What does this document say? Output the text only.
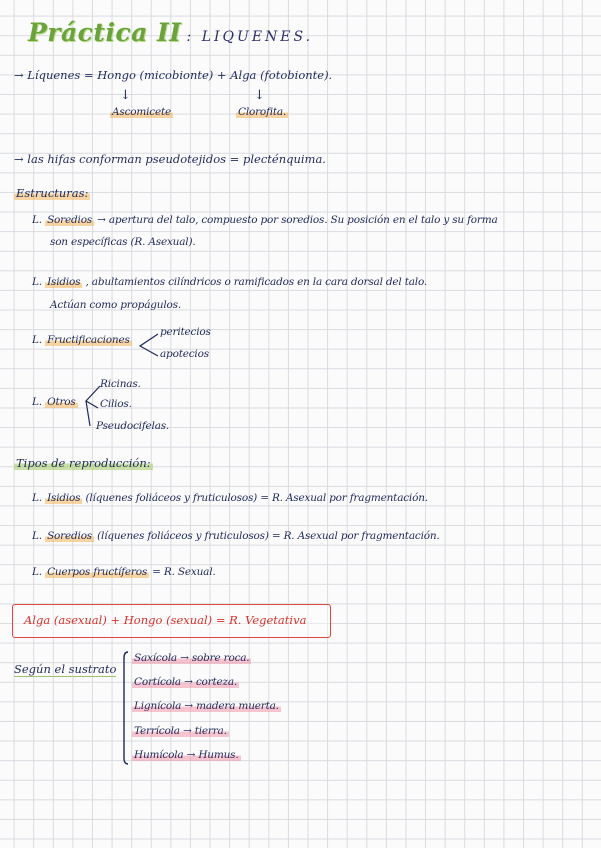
Práctica II : LIQUENES.
→ Líquenes = Hongo (micobionte) + Alga (fotobionte).
↓	↓
Ascomicete	Clorofita.
→ las hifas conforman pseudotejidos = plecténquima.
Estructuras:
L. Soredios → apertura del talo, compuesto por soredios. Su posición en el talo y su forma
son específicas (R. Asexual).
L. Isidios , abultamientos cilíndricos o ramificados en la cara dorsal del talo.
Actúan como propágulos.
L. Fructificaciones
peritecios
apotecios
L. Otros
Ricinas.
Cilios.
Pseudocifelas.
Tipos de reproducción:
L. Isidios (líquenes foliáceos y fruticulosos) = R. Asexual por fragmentación.
L. Soredios (líquenes foliáceos y fruticulosos) = R. Asexual por fragmentación.
L. Cuerpos fructíferos = R. Sexual.
Alga (asexual) + Hongo (sexual) = R. Vegetativa
Según el sustrato
Saxícola → sobre roca.
Cortícola → corteza.
Lignícola → madera muerta.
Terrícola → tierra.
Humícola → Humus.
